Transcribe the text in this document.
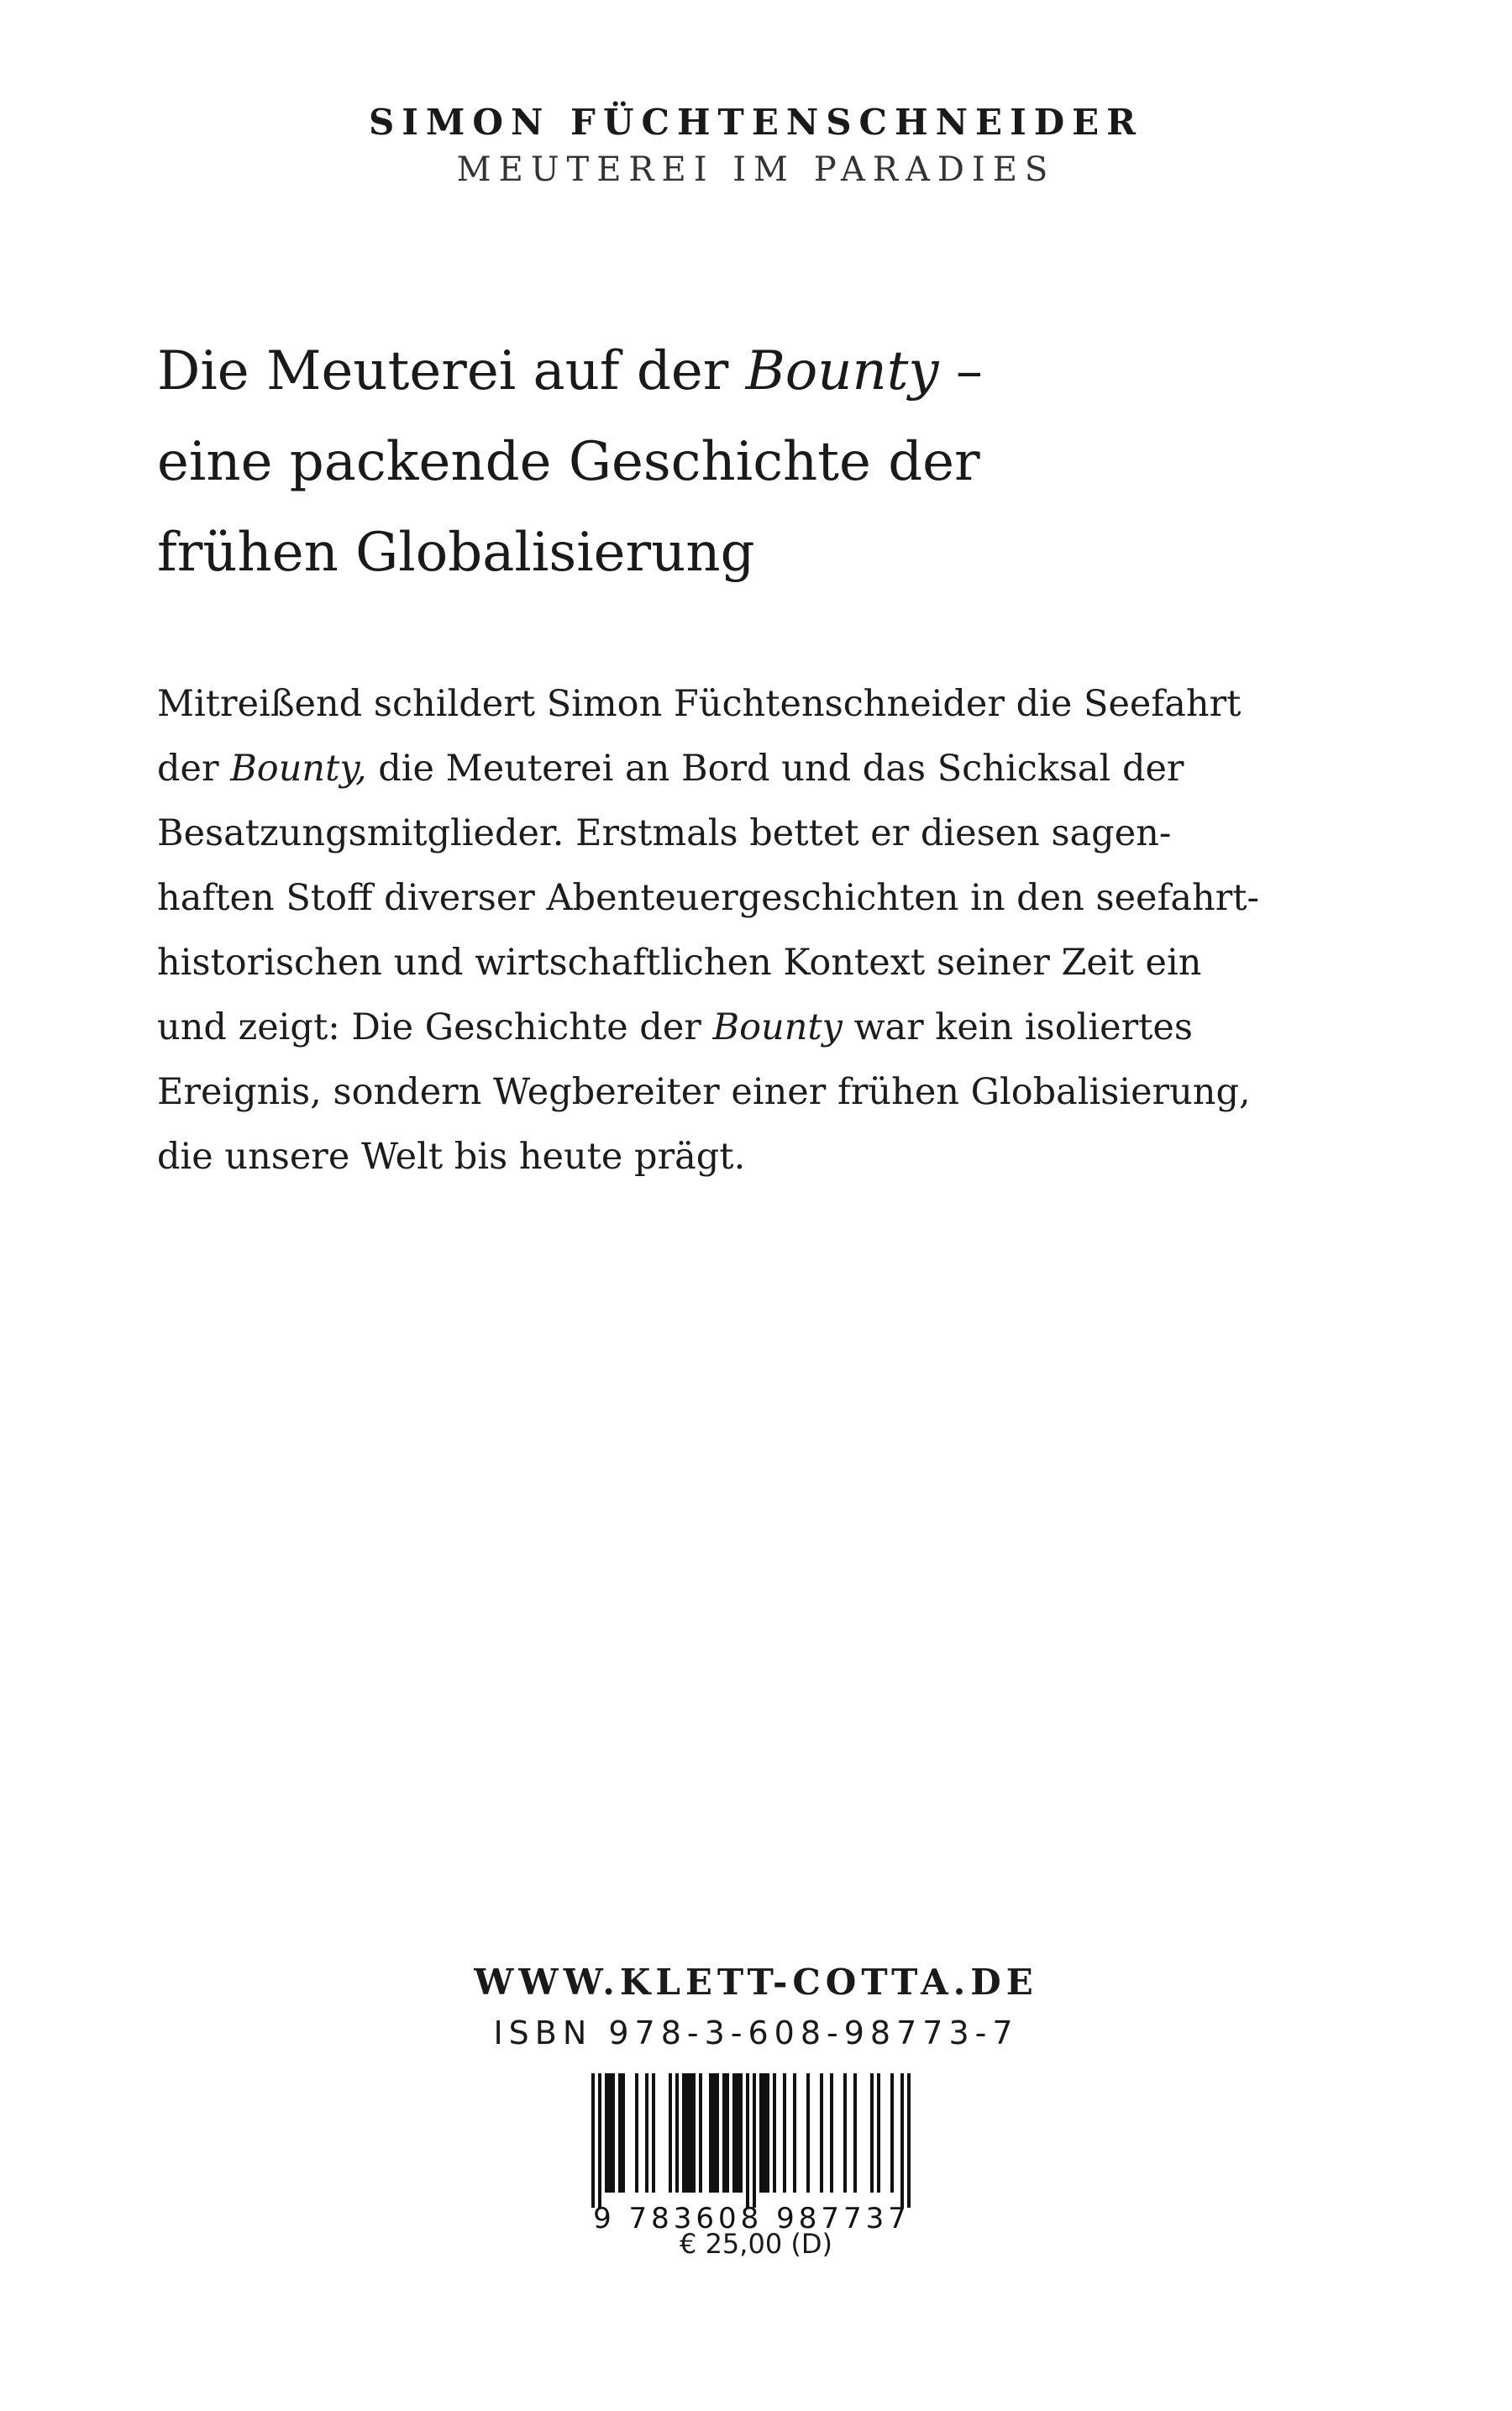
SIMON FÜCHTENSCHNEIDER
MEUTEREI IM PARADIES
Die Meuterei auf der Bounty –
eine packende Geschichte der
frühen Globalisierung
Mitreißend schildert Simon Füchtenschneider die Seefahrt
der Bounty, die Meuterei an Bord und das Schicksal der
Besatzungsmitglieder. Erstmals bettet er diesen sagen-
haften Stoff diverser Abenteuergeschichten in den seefahrt-
historischen und wirtschaftlichen Kontext seiner Zeit ein
und zeigt: Die Geschichte der Bounty war kein isoliertes
Ereignis, sondern Wegbereiter einer frühen Globalisierung,
die unsere Welt bis heute prägt.
WWW.KLETT-COTTA.DE
ISBN 978-3-608-98773-7
9 783608 987737
€ 25,00 (D)
